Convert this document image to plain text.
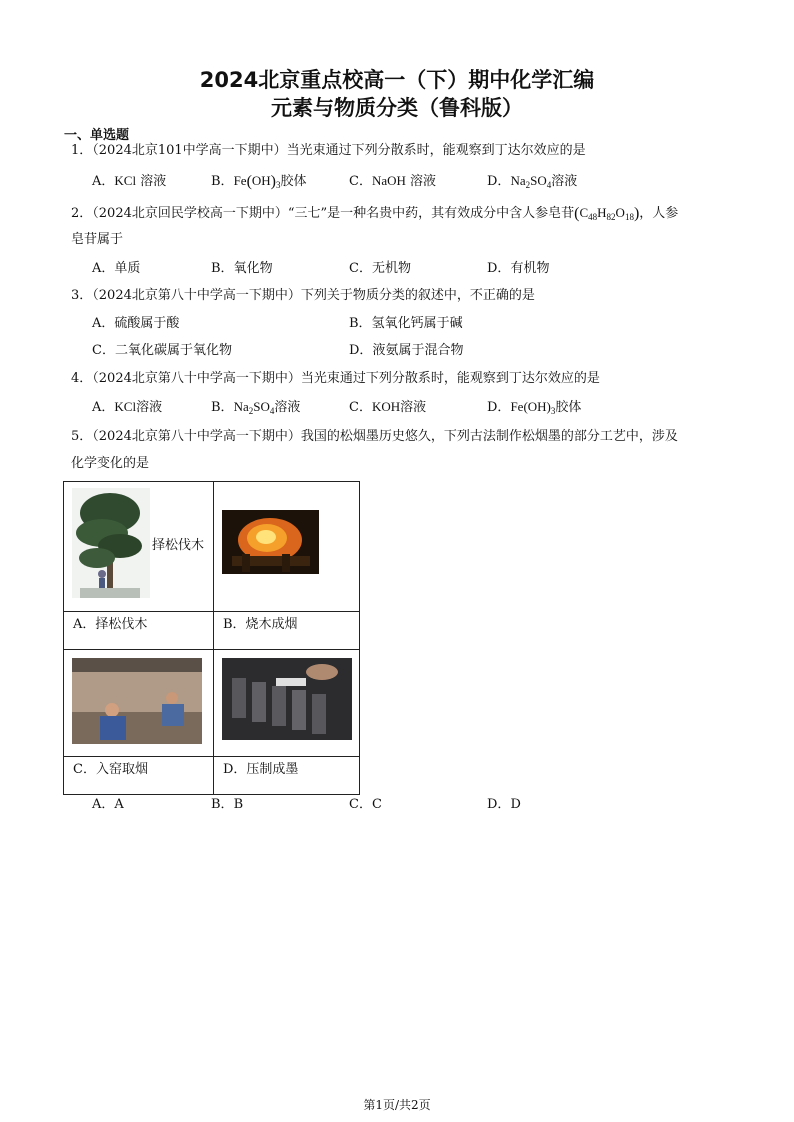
2024北京重点校高一（下）期中化学汇编
元素与物质分类（鲁科版）
一、单选题
1．（2024北京101中学高一下期中）当光束通过下列分散系时，能观察到丁达尔效应的是
A．KCl 溶液	B．$Fe(OH)_3$胶体	C．NaOH 溶液	D．$Na_2SO_4$溶液
2．（2024北京回民学校高一下期中）“三七”是一种名贵中药，其有效成分中含人参皂苷$(C_{48}H_{82}O_{18})$，人参
皂苷属于
A．单质	B．氧化物	C．无机物	D．有机物
3．（2024北京第八十中学高一下期中）下列关于物质分类的叙述中，不正确的是
A．硫酸属于酸	B．氢氧化钙属于碱
C．二氧化碳属于氧化物	D．液氨属于混合物
4．（2024北京第八十中学高一下期中）当光束通过下列分散系时，能观察到丁达尔效应的是
A．KCl溶液	B．$Na_2SO_4$溶液	C．KOH溶液	D．$Fe(OH)_3$胶体
5．（2024北京第八十中学高一下期中）我国的松烟墨历史悠久，下列古法制作松烟墨的部分工艺中，涉及
化学变化的是
择松伐木

A．择松伐木	B．烧木成烟

C．入窑取烟	D．压制成墨
A．A	B．B	C．C	D．D
第1页/共2页
